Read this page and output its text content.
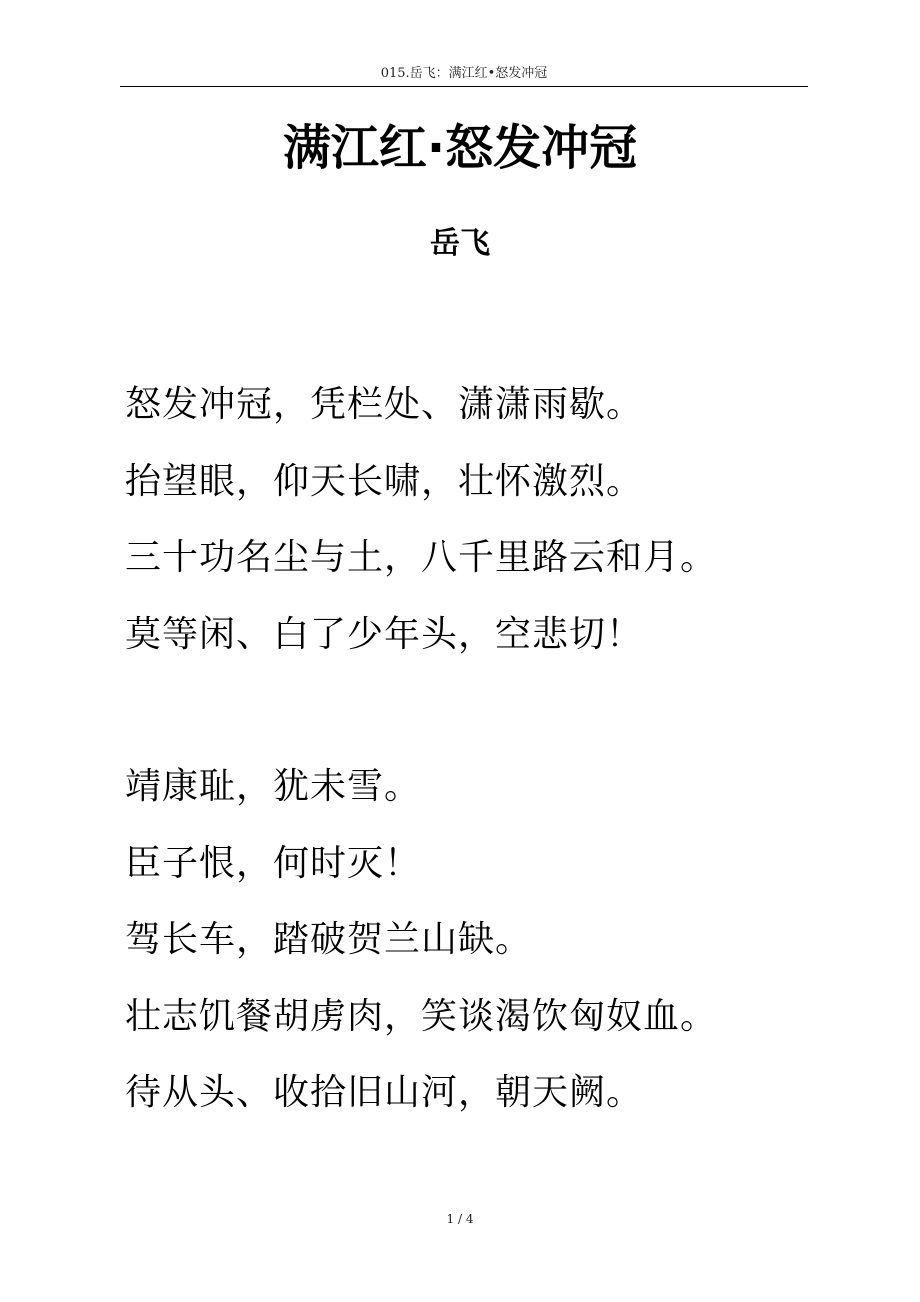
015.岳飞：满江红•怒发冲冠
满江红·怒发冲冠
岳飞
怒发冲冠，凭栏处、潇潇雨歇。
抬望眼，仰天长啸，壮怀激烈。
三十功名尘与土，八千里路云和月。
莫等闲、白了少年头，空悲切！
靖康耻，犹未雪。
臣子恨，何时灭！
驾长车，踏破贺兰山缺。
壮志饥餐胡虏肉，笑谈渴饮匈奴血。
待从头、收拾旧山河，朝天阙。
1 / 4
